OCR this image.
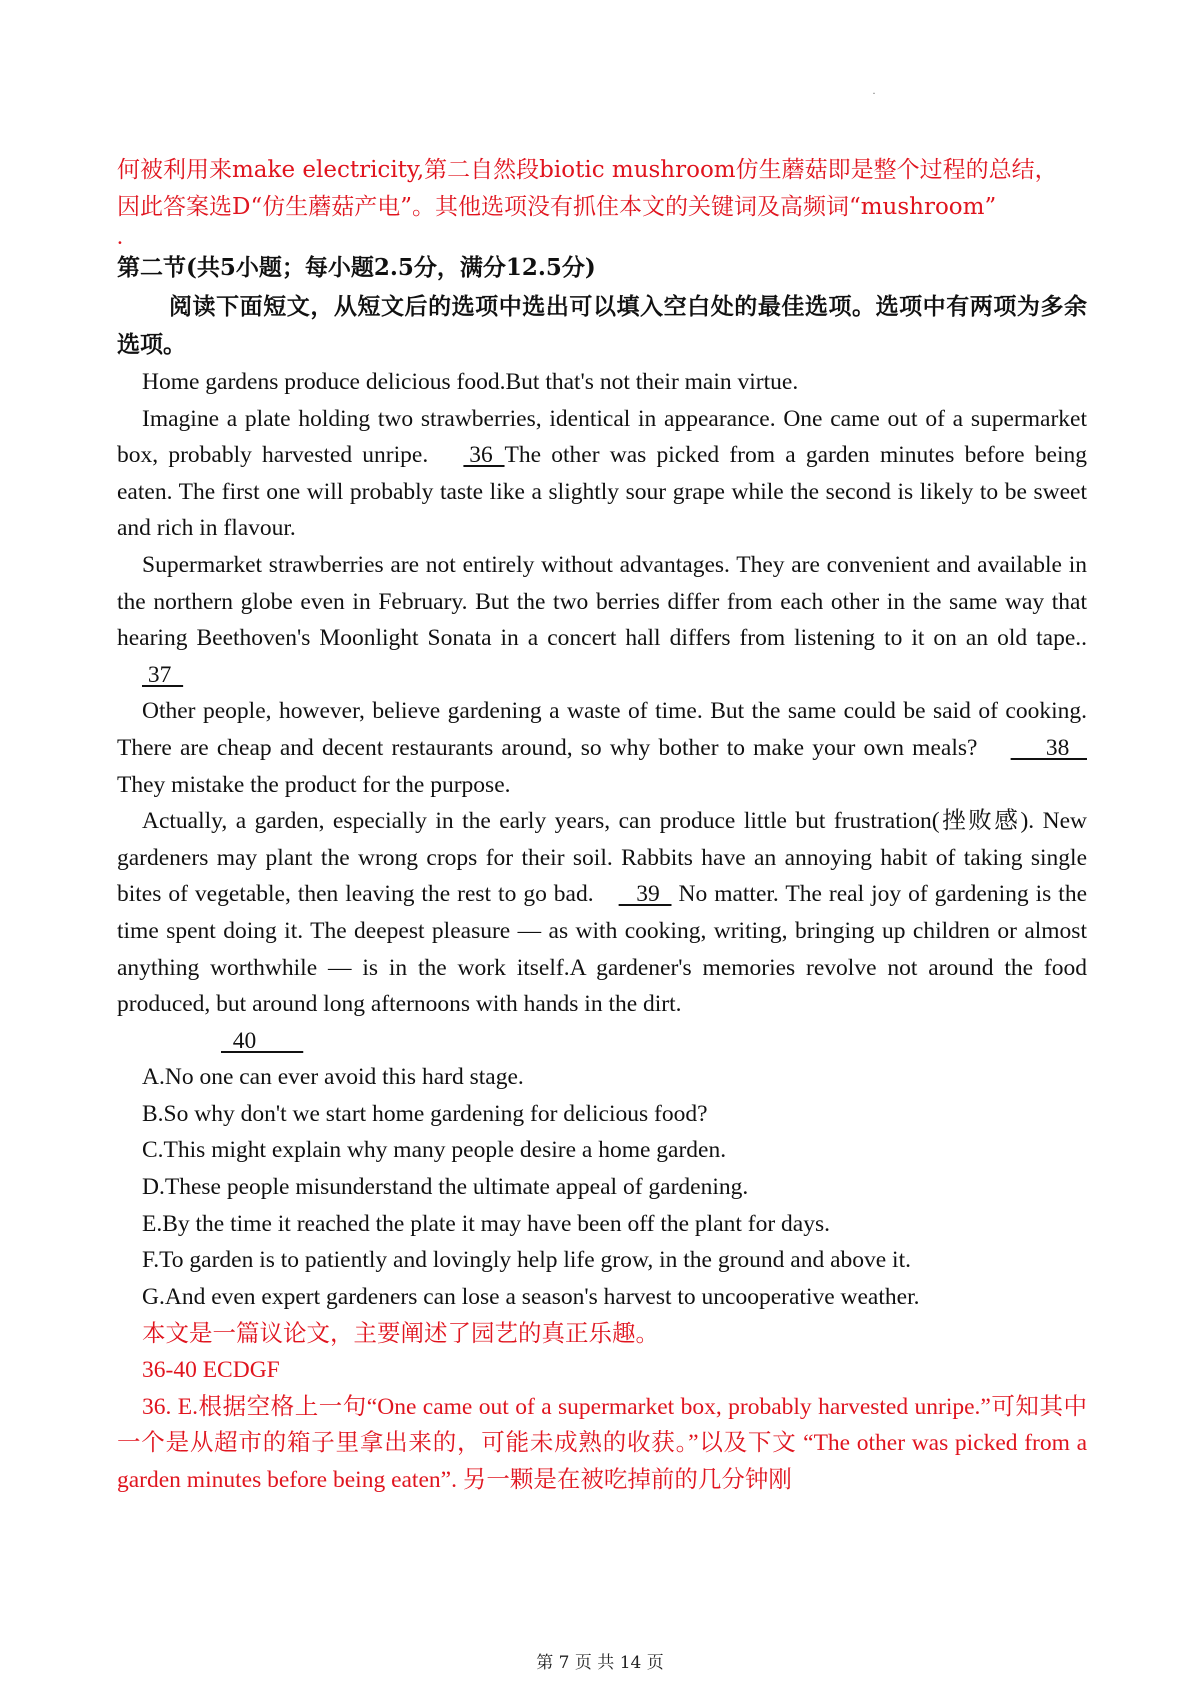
·

何被利用来make electricity,第二自然段biotic mushroom仿生蘑菇即是整个过程的总结，

因此答案选D“仿生蘑菇产电”。其他选项没有抓住本文的关键词及高频词“mushroom”

.

第二节(共5小题；每小题2.5分，满分12.5分)

阅读下面短文，从短文后的选项中选出可以填入空白处的最佳选项。选项中有两项为多余选项。

Home gardens produce delicious food.But that's not their main virtue.

Imagine a plate holding two strawberries, identical in appearance. One came out of a supermarket box, probably harvested unripe.  36  The other was picked from a garden minutes before being eaten. The first one will probably taste like a slightly sour grape while the second is likely to be sweet and rich in flavour.

Supermarket strawberries are not entirely without advantages. They are convenient and available in the northern globe even in February. But the two berries differ from each other in the same way that hearing Beethoven's Moonlight Sonata in a concert hall differs from listening to it on an old tape.. 37

Other people, however, believe gardening a waste of time. But the same could be said of cooking. There are cheap and decent restaurants around, so why bother to make your own meals?       38   They mistake the product for the purpose.

Actually, a garden, especially in the early years, can produce little but frustration(挫败感). New gardeners may plant the wrong crops for their soil. Rabbits have an annoying habit of taking single bites of vegetable, then leaving the rest to go bad.   39   No matter. The real joy of gardening is the time spent doing it. The deepest pleasure — as with cooking, writing, bringing up children or almost anything worthwhile — is in the work itself.A gardener's memories revolve not around the food produced, but around long afternoons with hands in the dirt.

40

A.No one can ever avoid this hard stage.

B.So why don't we start home gardening for delicious food?

C.This might explain why many people desire a home garden.

D.These people misunderstand the ultimate appeal of gardening.

E.By the time it reached the plate it may have been off the plant for days.

F.To garden is to patiently and lovingly help life grow, in the ground and above it.

G.And even expert gardeners can lose a season's harvest to uncooperative weather.

本文是一篇议论文，主要阐述了园艺的真正乐趣。

36-40 ECDGF

36. E.根据空格上一句“One came out of a supermarket box, probably harvested unripe.”可知其中一个是从超市的箱子里拿出来的，可能未成熟的收获。”以及下文 “The other was picked from a garden minutes before being eaten”. 另一颗是在被吃掉前的几分钟刚

第 7 页 共 14 页
